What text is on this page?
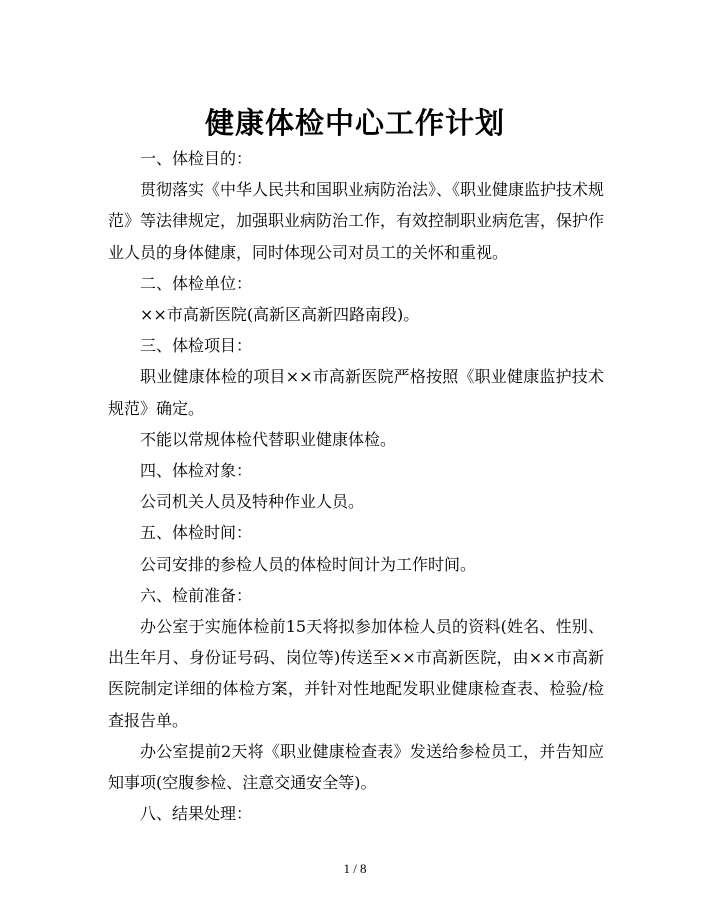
健康体检中心工作计划

一、体检目的：

贯彻落实《中华人民共和国职业病防治法》、《职业健康监护技术规范》等法律规定，加强职业病防治工作，有效控制职业病危害，保护作业人员的身体健康，同时体现公司对员工的关怀和重视。

二、体检单位：

××市高新医院(高新区高新四路南段)。

三、体检项目：

职业健康体检的项目××市高新医院严格按照《职业健康监护技术规范》确定。

不能以常规体检代替职业健康体检。

四、体检对象：

公司机关人员及特种作业人员。

五、体检时间：

公司安排的参检人员的体检时间计为工作时间。

六、检前准备：

办公室于实施体检前15天将拟参加体检人员的资料(姓名、性别、出生年月、身份证号码、岗位等)传送至××市高新医院，由××市高新医院制定详细的体检方案，并针对性地配发职业健康检查表、检验/检查报告单。

办公室提前2天将《职业健康检查表》发送给参检员工，并告知应知事项(空腹参检、注意交通安全等)。

八、结果处理：

1 / 8
